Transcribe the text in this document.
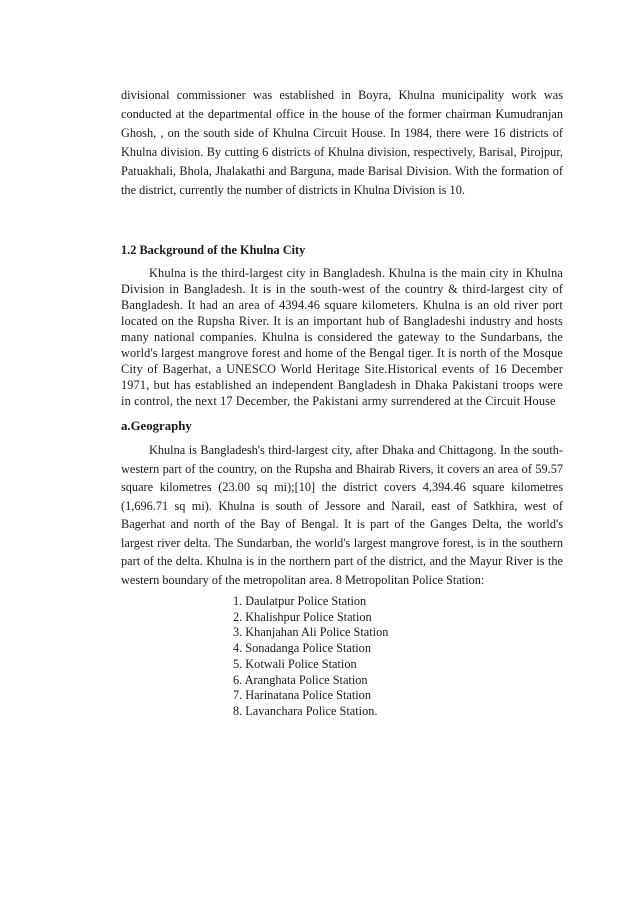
divisional commissioner was established in Boyra, Khulna municipality work was conducted at the departmental office in the house of the former chairman Kumudranjan Ghosh, , on the south side of Khulna Circuit House. In 1984, there were 16 districts of Khulna division. By cutting 6 districts of Khulna division, respectively, Barisal, Pirojpur, Patuakhali, Bhola, Jhalakathi and Barguna, made Barisal Division. With the formation of the district, currently the number of districts in Khulna Division is 10.

1.2 Background of the Khulna City

Khulna is the third-largest city in Bangladesh. Khulna is the main city in Khulna Division in Bangladesh. It is in the south-west of the country & third-largest city of Bangladesh. It had an area of 4394.46 square kilometers. Khulna is an old river port located on the Rupsha River. It is an important hub of Bangladeshi industry and hosts many national companies. Khulna is considered the gateway to the Sundarbans, the world's largest mangrove forest and home of the Bengal tiger. It is north of the Mosque City of Bagerhat, a UNESCO World Heritage Site.Historical events of 16 December 1971, but has established an independent Bangladesh in Dhaka Pakistani troops were in control, the next 17 December, the Pakistani army surrendered at the Circuit House

a.Geography

Khulna is Bangladesh's third-largest city, after Dhaka and Chittagong. In the south-western part of the country, on the Rupsha and Bhairab Rivers, it covers an area of 59.57 square kilometres (23.00 sq mi);[10] the district covers 4,394.46 square kilometres (1,696.71 sq mi). Khulna is south of Jessore and Narail, east of Satkhira, west of Bagerhat and north of the Bay of Bengal. It is part of the Ganges Delta, the world's largest river delta. The Sundarban, the world's largest mangrove forest, is in the southern part of the delta. Khulna is in the northern part of the district, and the Mayur River is the western boundary of the metropolitan area. 8 Metropolitan Police Station:

1. Daulatpur Police Station
2. Khalishpur Police Station
3. Khanjahan Ali Police Station
4. Sonadanga Police Station
5. Kotwali Police Station
6. Aranghata Police Station
7. Harinatana Police Station
8. Lavanchara Police Station.
